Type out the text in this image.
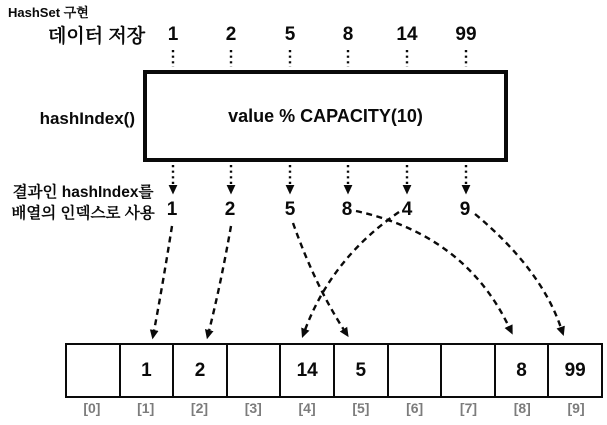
HashSet 구현
데이터 저장 1 2	5 8 14 99
hashIndex()	value % CAPACITY(10)
결과인 hashIndex를
배열의 인덱스로 사용 1 2	5 8	4 9
1 2	14 5	8 99
[0]	[1]	[2]	[3]	[4]	[5]	[6]	[7]	[8]	[9]
